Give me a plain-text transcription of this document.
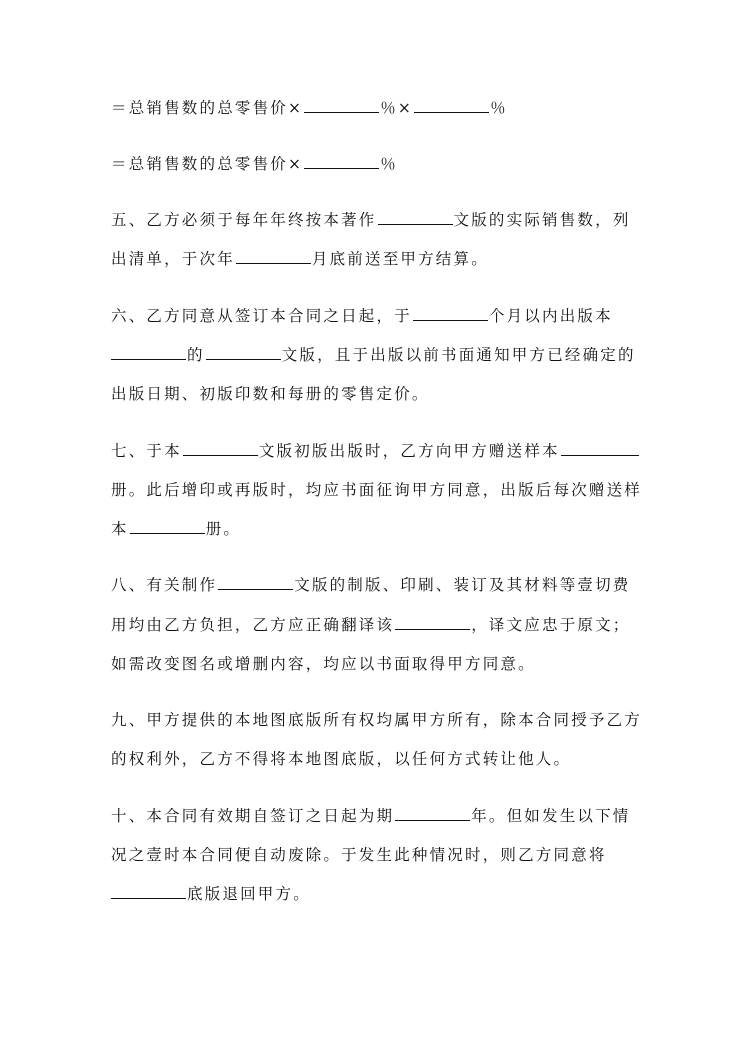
＝总销售数的总零售价×	％×	％
＝总销售数的总零售价×	％
五、乙方必须于每年年终按本著作	文版的实际销售数，列
出清单，于次年	月底前送至甲方结算。
六、乙方同意从签订本合同之日起，于	个月以内出版本
的	文版，且于出版以前书面通知甲方已经确定的
出版日期、初版印数和每册的零售定价。
七、于本	文版初版出版时，乙方向甲方赠送样本
册。此后增印或再版时，均应书面征询甲方同意，出版后每次赠送样
本	册。
八、有关制作	文版的制版、印刷、装订及其材料等壹切费
用均由乙方负担，乙方应正确翻译该	，译文应忠于原文；
如需改变图名或增删内容，均应以书面取得甲方同意。
九、甲方提供的本地图底版所有权均属甲方所有，除本合同授予乙方
的权利外，乙方不得将本地图底版，以任何方式转让他人。
十、本合同有效期自签订之日起为期	年。但如发生以下情
况之壹时本合同便自动废除。于发生此种情况时，则乙方同意将
底版退回甲方。
